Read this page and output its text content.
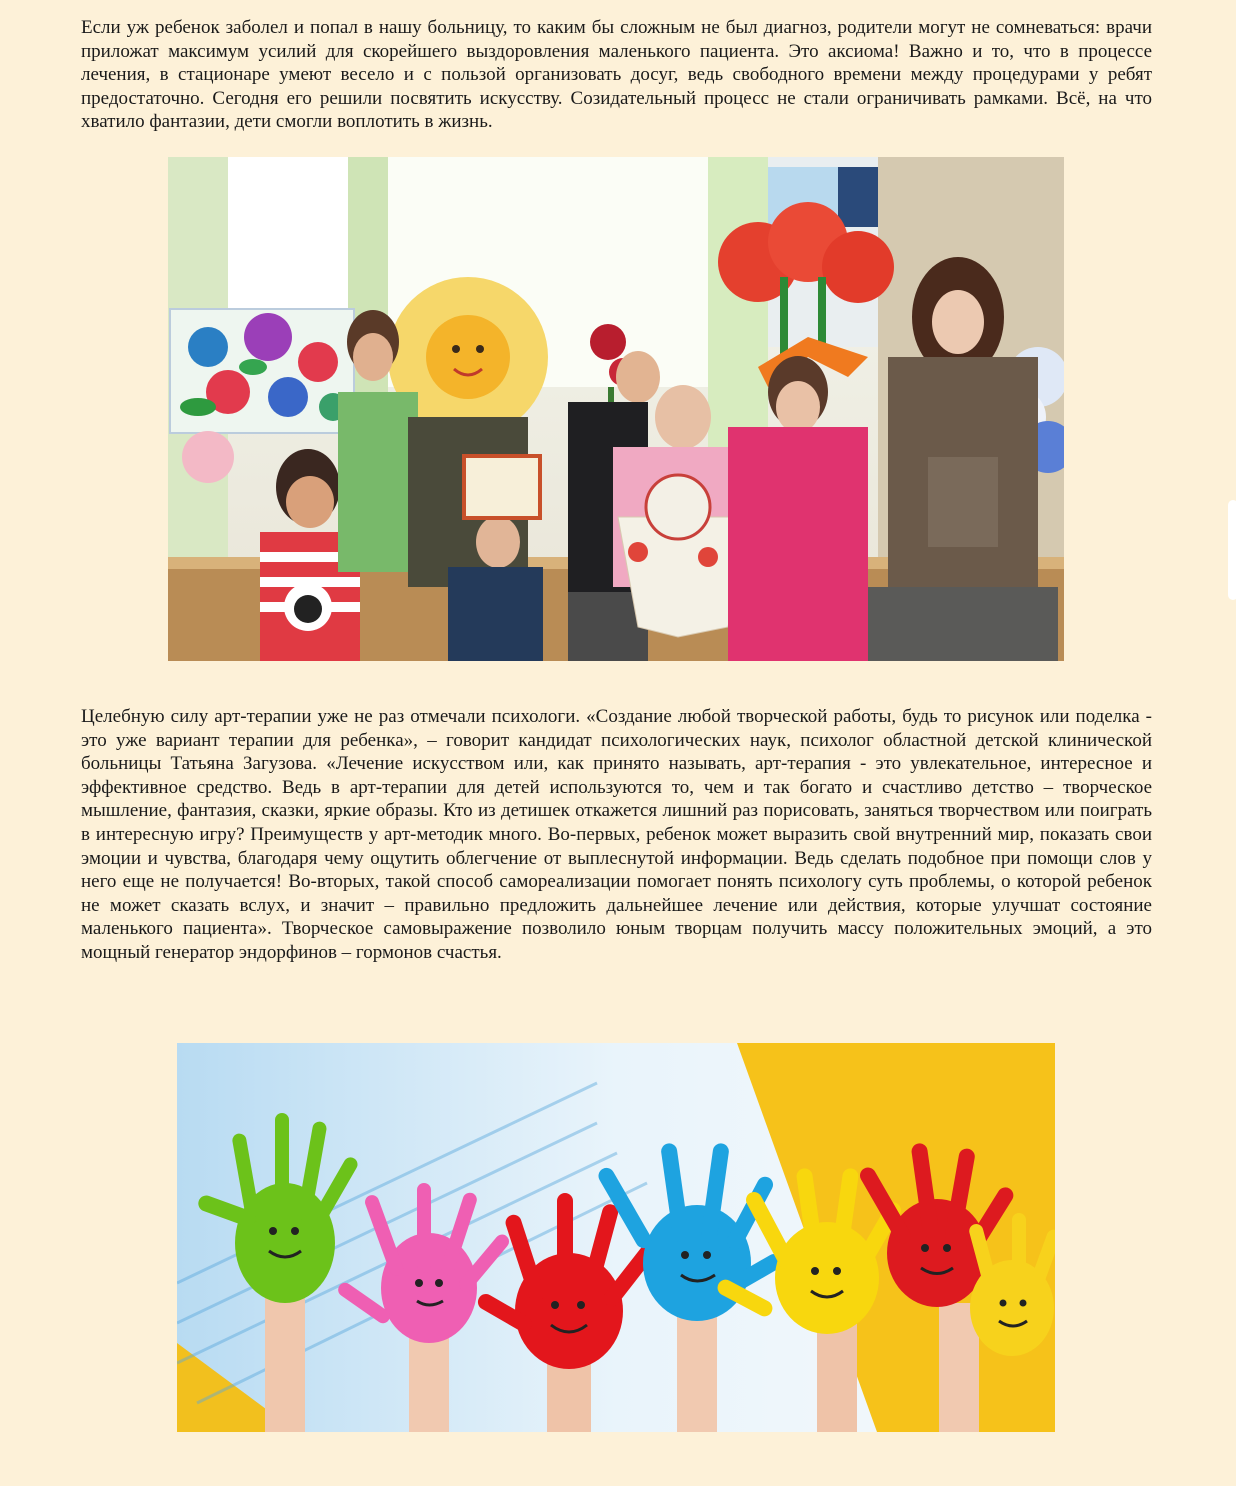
Если уж ребенок заболел и попал в нашу больницу, то каким бы сложным не был диагноз, родители могут не сомневаться: врачи приложат максимум усилий для скорейшего выздоровления маленького пациента. Это аксиома! Важно и то, что в процессе лечения, в стационаре умеют весело и с пользой организовать досуг, ведь свободного времени между процедурами у ребят предостаточно. Сегодня его решили посвятить искусству. Созидательный процесс не стали ограничивать рамками. Всё, на что хватило фантазии, дети смогли воплотить в жизнь.

Целебную силу арт-терапии уже не раз отмечали психологи. «Создание любой творческой работы, будь то рисунок или поделка - это уже вариант терапии для ребенка», – говорит кандидат психологических наук, психолог областной детской клинической больницы Татьяна Загузова. «Лечение искусством или, как принято называть, арт-терапия - это увлекательное, интересное и эффективное средство. Ведь в арт-терапии для детей используются то, чем и так богато и счастливо детство – творческое мышление, фантазия, сказки, яркие образы. Кто из детишек откажется лишний раз порисовать, заняться творчеством или поиграть в интересную игру? Преимуществ у арт-методик много. Во-первых, ребенок может выразить свой внутренний мир, показать свои эмоции и чувства, благодаря чему ощутить облегчение от выплеснутой информации. Ведь сделать подобное при помощи слов у него еще не получается! Во-вторых, такой способ самореализации помогает понять психологу суть проблемы, о которой ребенок не может сказать вслух, и значит – правильно предложить дальнейшее лечение или действия, которые улучшат состояние маленького пациента». Творческое самовыражение позволило юным творцам получить массу положительных эмоций, а это мощный генератор эндорфинов – гормонов счастья.
